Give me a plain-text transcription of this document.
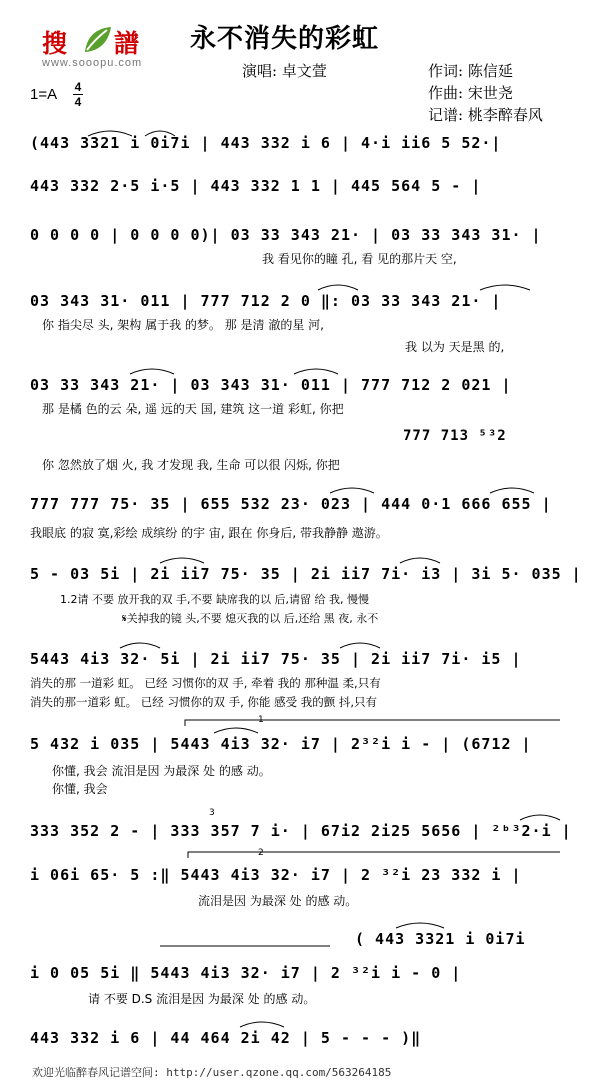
搜 譜
www.sooopu.com
永不消失的彩虹
演唱: 卓文萱	作词: 陈信延
作曲: 宋世尧
记谱: 桃李醉春风
1=A 4
4
(443 3321 i 0i7i | 443 332 i 6 | 4·i ii6 5 52·|
443 332 2·5 i·5 | 443 332 1 1 | 445 564 5 - |
0 0 0 0 | 0 0 0 0)| 03 33 343 21· | 03 33 343 31· |
我 看见你的瞳 孔, 看 见的那片天 空,
03 343 31· 011 | 777 712 2 0 ‖: 03 33 343 21· |
你 指尖尽 头, 架构 属于我 的梦。 那 是清 澈的星 河,
我 以为 天是黑 的,
03 33 343 21· | 03 343 31· 011 | 777 712 2 021 |
那 是橘 色的云 朵, 遥 远的天 国, 建筑 这一道 彩虹, 你把
777 713 ⁵³2
你 忽然放了烟 火, 我 才发现 我, 生命 可以很 闪烁, 你把
777 777 75· 35 | 655 532 23· 023 | 444 0·1 666 655 |
我眼底 的寂 寞,彩绘 成缤纷 的宇 宙, 跟在 你身后, 带我静静 遨游。
5 - 03 5i | 2i ii7 75· 35 | 2i ii7 7i· i3 | 3i 5· 035 |
1.2请 不要 放开我的双 手,不要 缺席我的以 后,请留 给 我, 慢慢
𝄋关掉我的镜 头,不要 熄灭我的以 后,还给 黑 夜, 永不
5443 4i3 32· 5i | 2i ii7 75· 35 | 2i ii7 7i· i5 |
消失的那 一道彩 虹。 已经 习惯你的双 手, 牵着 我的 那种温 柔,只有
消失的那一道彩 虹。 已经 习惯你的双 手, 你能 感受 我的颤 抖,只有
1
5 432 i 035 | 5443 4i3 32· i7 | 2³²i i - | (6712 |
你懂, 我会 流泪是因 为最深 处 的感 动。
你懂, 我会
3
333 352 2 - | 333 357 7 i· | 67i2 2i25 5656 | ²ᵇ³2·i |
2
i 06i 65· 5 :‖ 5443 4i3 32· i7 | 2 ³²i 23 332 i |
流泪是因 为最深 处 的感 动。
( 443 3321 i 0i7i
i 0 05 5i ‖ 5443 4i3 32· i7 | 2 ³²i i - 0 |
请 不要 D.S 流泪是因 为最深 处 的感 动。
443 332 i 6 | 44 464 2i 42 | 5 - - - )‖
欢迎光临醉春风记谱空间: http://user.qzone.qq.com/563264185
